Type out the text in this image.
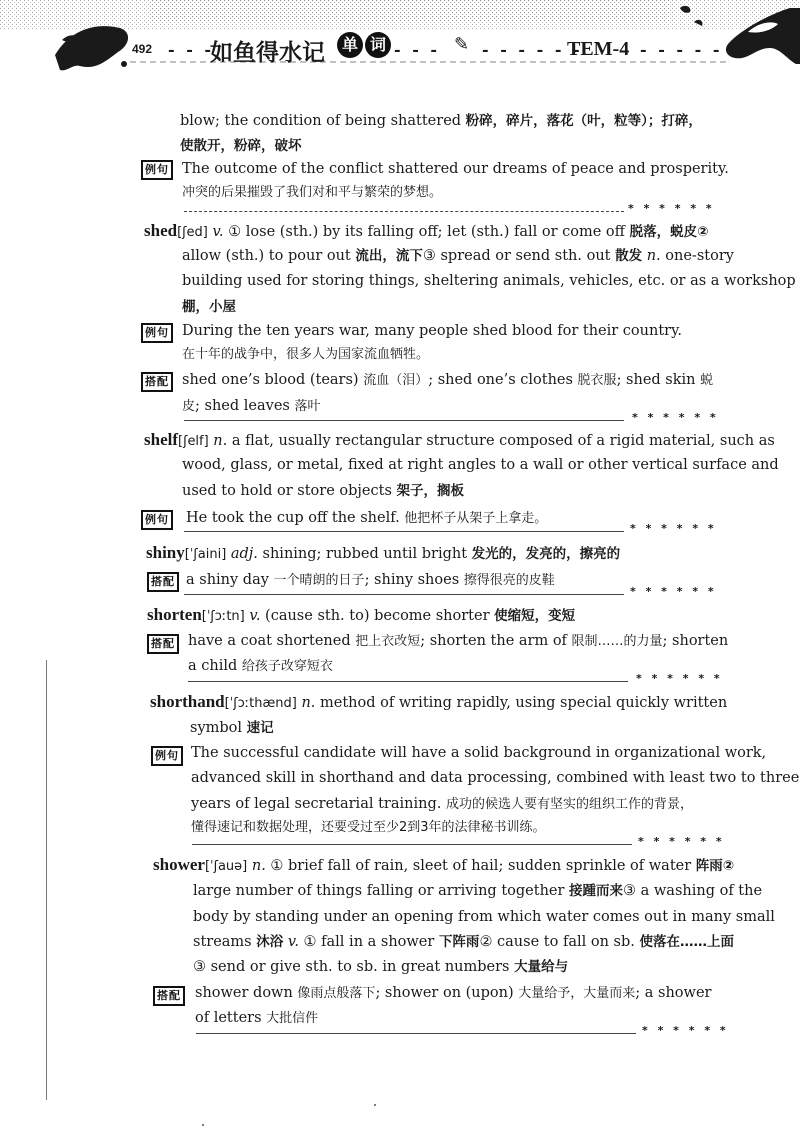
492 - - -
如鱼得水记	单 词 - - - ✎ - - - - - -
TEM-4 - - - - -
blow; the condition of being shattered 粉碎，碎片，落花（叶，粒等）；打碎，
使散开，粉碎，破坏
例句 The outcome of the conflict shattered our dreams of peace and prosperity.
冲突的后果摧毁了我们对和平与繁荣的梦想。
* * * * * *
shed[ʃed] v. ① lose (sth.) by its falling off; let (sth.) fall or come off 脱落，蜕皮②
allow (sth.) to pour out 流出，流下③ spread or send sth. out 散发 n. one-story
building used for storing things, sheltering animals, vehicles, etc. or as a workshop
棚，小屋
例句 During the ten years war, many people shed blood for their country.
在十年的战争中，很多人为国家流血牺牲。
搭配 shed one’s blood (tears) 流血（泪）; shed one’s clothes 脱衣服; shed skin 蜕
皮; shed leaves 落叶
* * * * * *
shelf[ʃelf] n. a flat, usually rectangular structure composed of a rigid material, such as
wood, glass, or metal, fixed at right angles to a wall or other vertical surface and
used to hold or store objects 架子，搁板
例句 He took the cup off the shelf. 他把杯子从架子上拿走。
* * * * * *
shiny[ˈʃaini] adj. shining; rubbed until bright 发光的，发亮的，擦亮的
搭配 a shiny day 一个晴朗的日子; shiny shoes 擦得很亮的皮鞋
* * * * * *
shorten[ˈʃɔːtn] v. (cause sth. to) become shorter 使缩短，变短
搭配 have a coat shortened 把上衣改短; shorten the arm of 限制……的力量; shorten
a child 给孩子改穿短衣
* * * * * *
shorthand[ˈʃɔːthænd] n. method of writing rapidly, using special quickly written
symbol 速记
例句 The successful candidate will have a solid background in organizational work,
advanced skill in shorthand and data processing, combined with least two to three
years of legal secretarial training. 成功的候选人要有坚实的组织工作的背景，
懂得速记和数据处理，还要受过至少2到3年的法律秘书训练。
* * * * * *
shower[ˈʃauə] n. ① brief fall of rain, sleet of hail; sudden sprinkle of water 阵雨②
large number of things falling or arriving together 接踵而来③ a washing of the
body by standing under an opening from which water comes out in many small
streams 沐浴 v. ① fall in a shower 下阵雨② cause to fall on sb. 使落在……上面
③ send or give sth. to sb. in great numbers 大量给与
搭配 shower down 像雨点般落下; shower on (upon) 大量给予，大量而来; a shower
of letters 大批信件
* * * * * *
